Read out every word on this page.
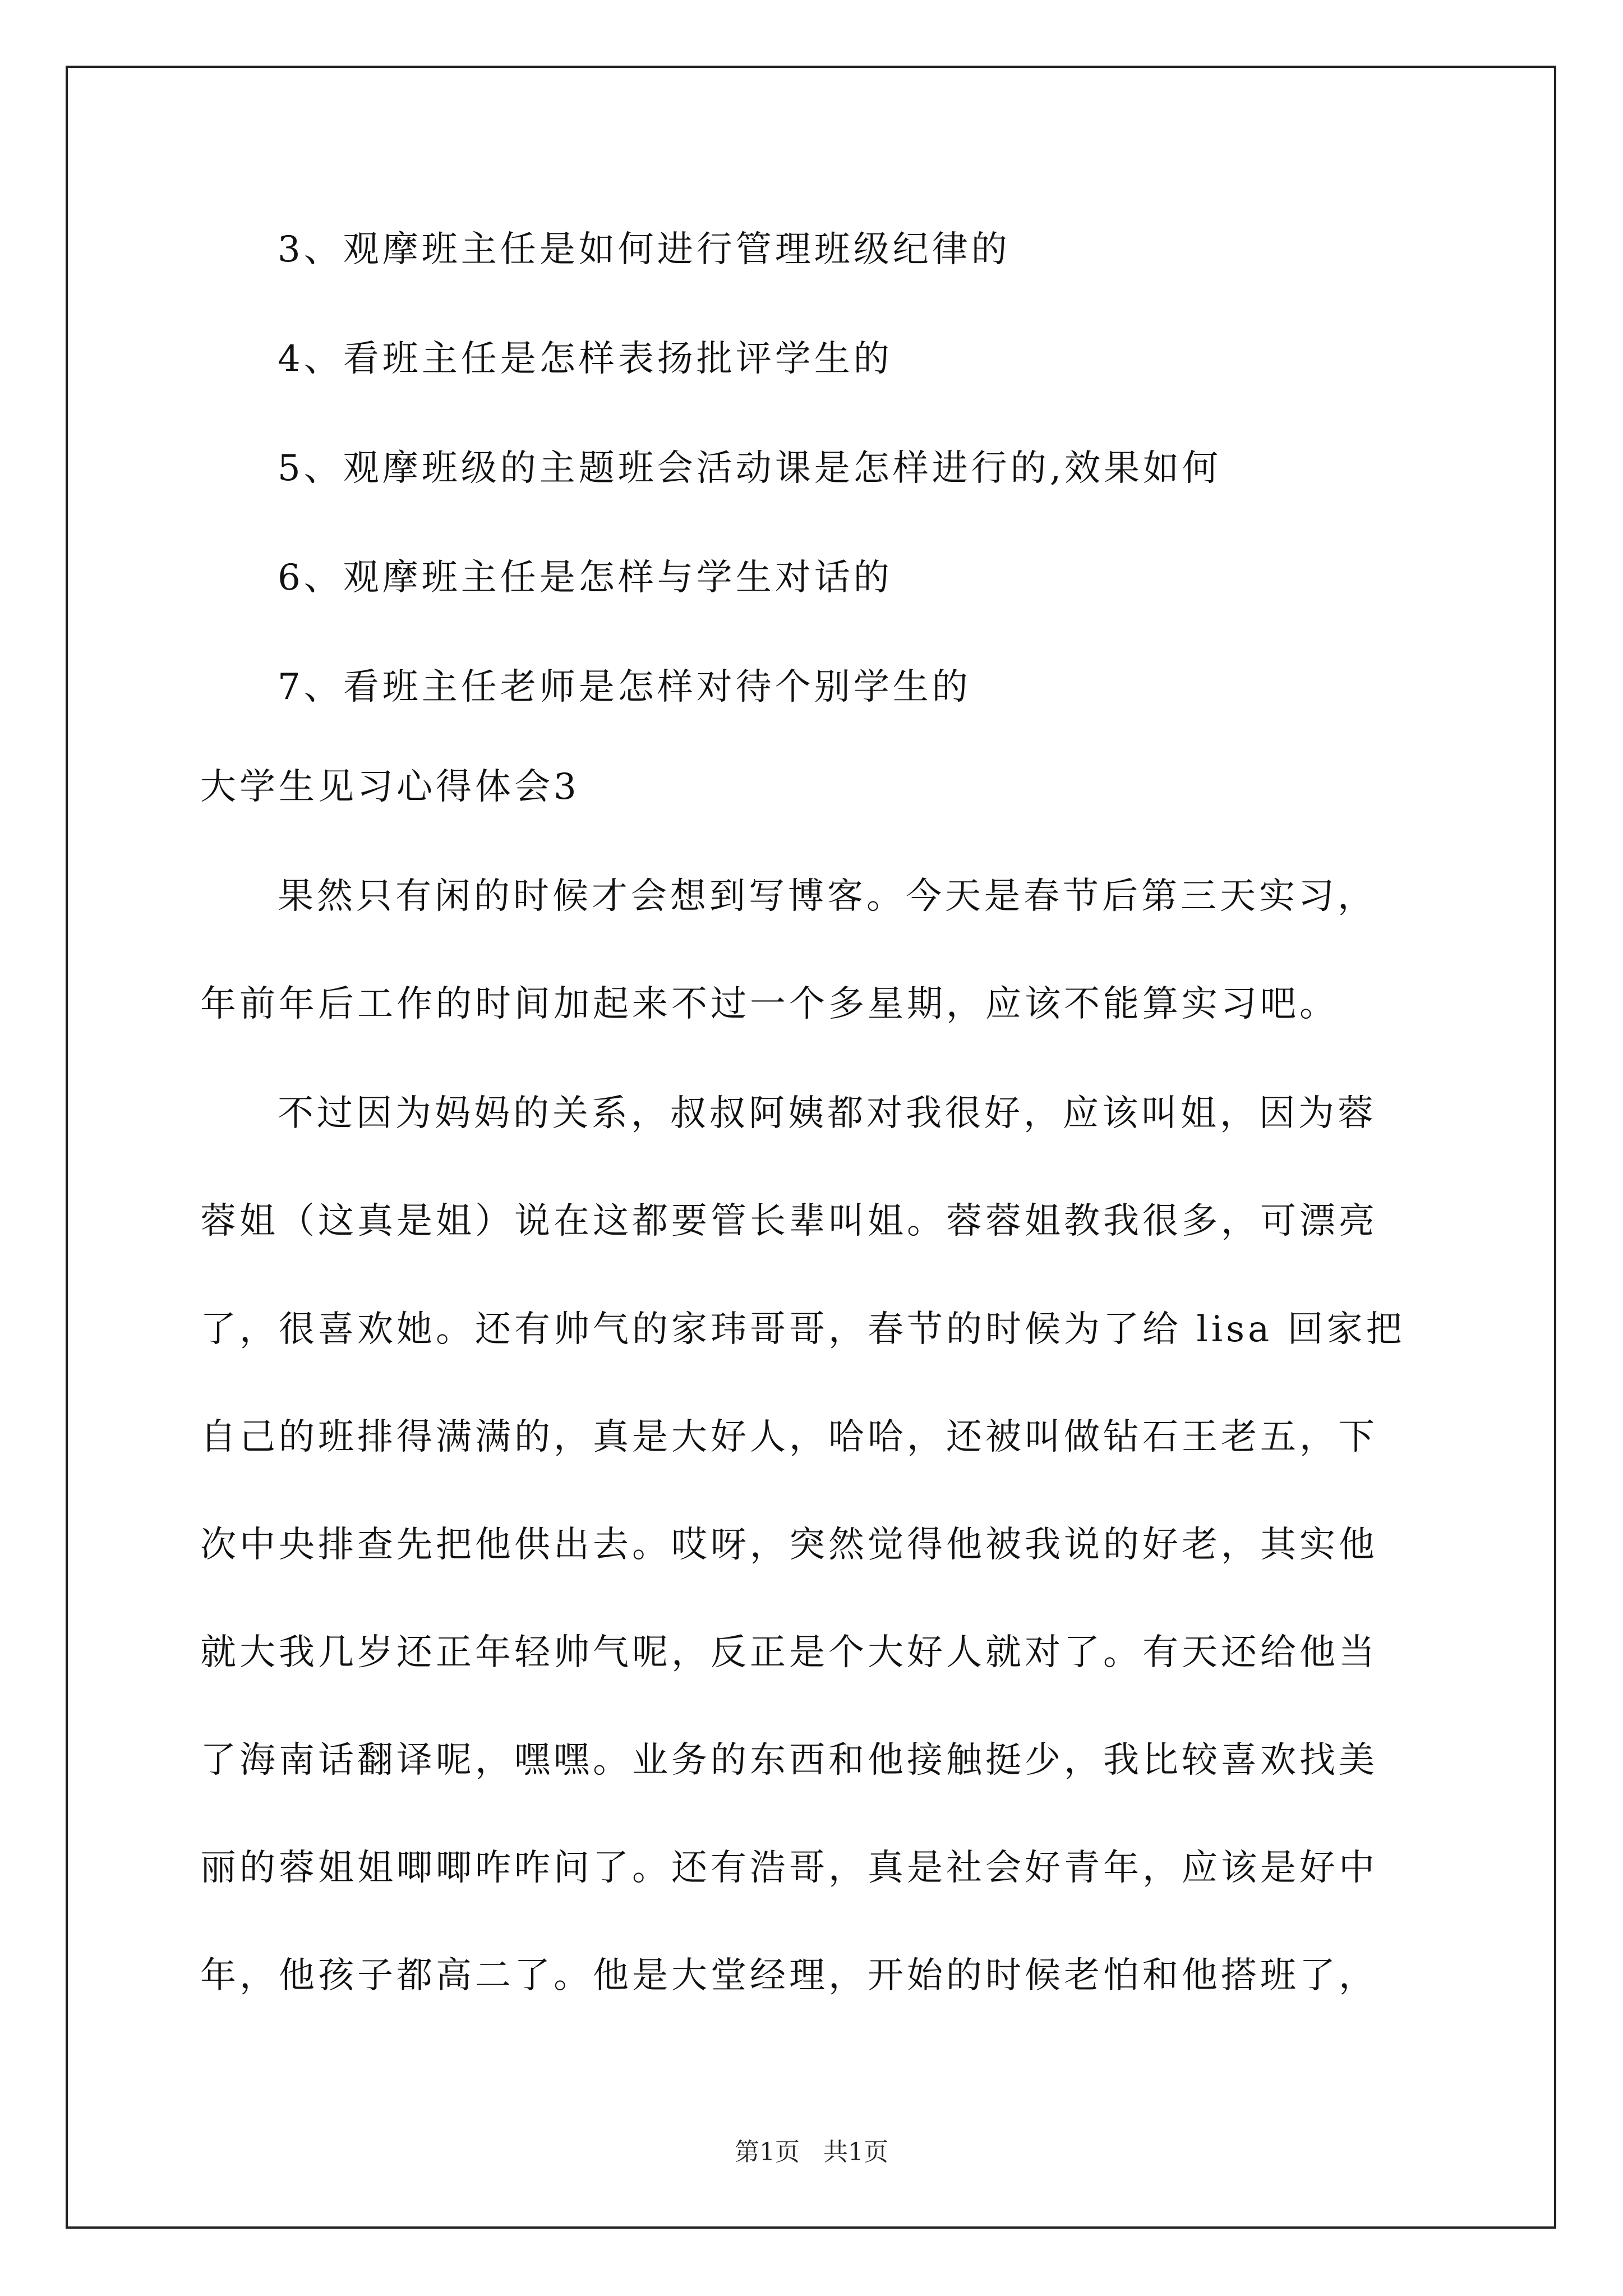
3、观摩班主任是如何进行管理班级纪律的
4、看班主任是怎样表扬批评学生的
5、观摩班级的主题班会活动课是怎样进行的,效果如何
6、观摩班主任是怎样与学生对话的
7、看班主任老师是怎样对待个别学生的
大学生见习心得体会3
果然只有闲的时候才会想到写博客。今天是春节后第三天实习，
年前年后工作的时间加起来不过一个多星期，应该不能算实习吧。
不过因为妈妈的关系，叔叔阿姨都对我很好，应该叫姐，因为蓉
蓉姐（这真是姐）说在这都要管长辈叫姐。蓉蓉姐教我很多，可漂亮
了，很喜欢她。还有帅气的家玮哥哥，春节的时候为了给 lisa 回家把
自己的班排得满满的，真是大好人，哈哈，还被叫做钻石王老五，下
次中央排查先把他供出去。哎呀，突然觉得他被我说的好老，其实他
就大我几岁还正年轻帅气呢，反正是个大好人就对了。有天还给他当
了海南话翻译呢，嘿嘿。业务的东西和他接触挺少，我比较喜欢找美
丽的蓉姐姐唧唧咋咋问了。还有浩哥，真是社会好青年，应该是好中
年，他孩子都高二了。他是大堂经理，开始的时候老怕和他搭班了，
第1页   共1页
